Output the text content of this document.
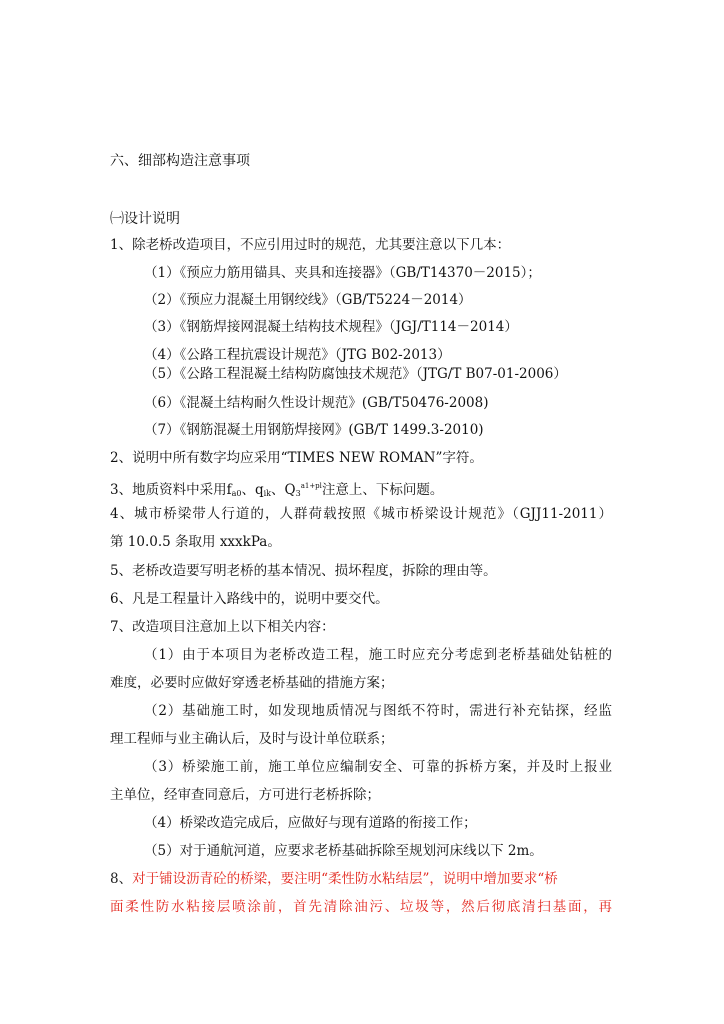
六、细部构造注意事项
㈠设计说明
1、除老桥改造项目，不应引用过时的规范，尤其要注意以下几本：
（1）《预应力筋用锚具、夹具和连接器》（GB/T14370－2015）；
（2）《预应力混凝土用钢绞线》（GB/T5224－2014）
（3）《钢筋焊接网混凝土结构技术规程》（JGJ/T114－2014）
（4）《公路工程抗震设计规范》（JTG B02-2013）
（5）《公路工程混凝土结构防腐蚀技术规范》（JTG/T B07-01-2006）
（6）《混凝土结构耐久性设计规范》(GB/T50476-2008)
（7）《钢筋混凝土用钢筋焊接网》(GB/T 1499.3-2010)
2、说明中所有数字均应采用“TIMES NEW ROMAN”字符。
3、地质资料中采用$f_{a0}$、$q_{ik}$、$Q_3^{a1+pl}$注意上、下标问题。
4、城市桥梁带人行道的，人群荷载按照《城市桥梁设计规范》（GJJ11-2011）
第 10.0.5 条取用 xxxkPa。
5、老桥改造要写明老桥的基本情况、损坏程度，拆除的理由等。
6、凡是工程量计入路线中的，说明中要交代。
7、改造项目注意加上以下相关内容：
（1）由于本项目为老桥改造工程，施工时应充分考虑到老桥基础处钻桩的
难度，必要时应做好穿透老桥基础的措施方案；
（2）基础施工时，如发现地质情况与图纸不符时，需进行补充钻探，经监
理工程师与业主确认后，及时与设计单位联系；
（3）桥梁施工前，施工单位应编制安全、可靠的拆桥方案，并及时上报业
主单位，经审查同意后，方可进行老桥拆除；
（4）桥梁改造完成后，应做好与现有道路的衔接工作；
（5）对于通航河道，应要求老桥基础拆除至规划河床线以下 2m。
8、对于铺设沥青砼的桥梁，要注明“柔性防水粘结层”，说明中增加要求“桥
面柔性防水粘接层喷涂前，首先清除油污、垃圾等，然后彻底清扫基面，再
